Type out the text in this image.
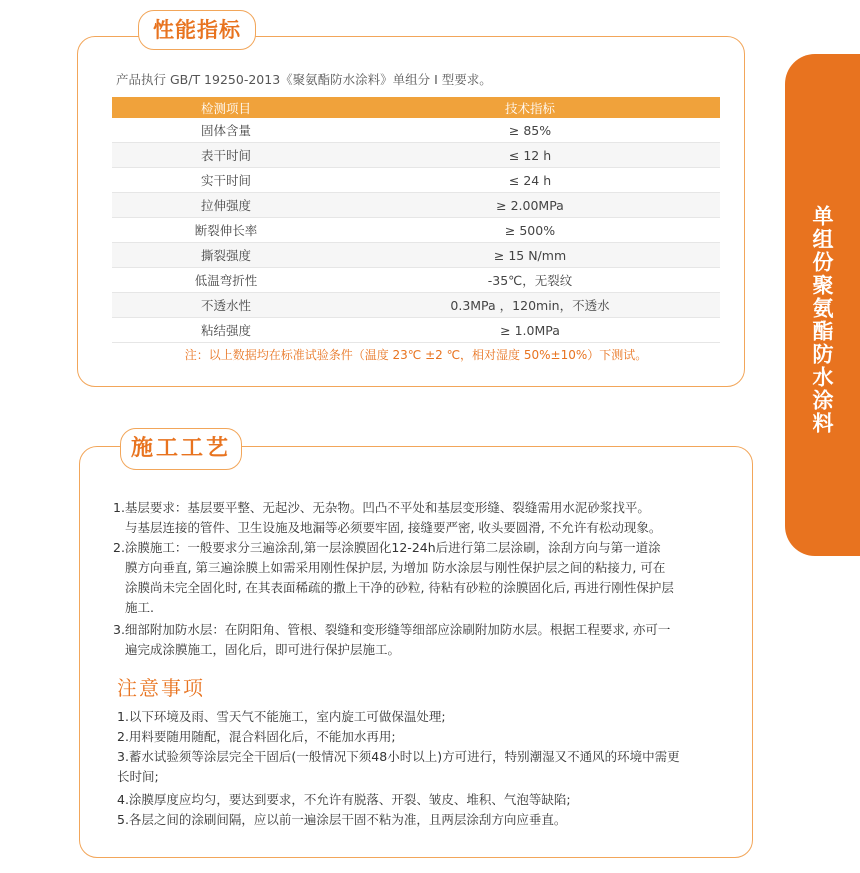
单组份聚氨酯防水涂料
性能指标
产品执行 GB/T 19250-2013《聚氨酯防水涂料》单组分 I 型要求。
检测项目	技术指标
固体含量	≥ 85%
表干时间	≤ 12 h
实干时间	≤ 24 h
拉伸强度	≥ 2.00MPa
断裂伸长率	≥ 500%
撕裂强度	≥ 15 N/mm
低温弯折性	-35℃，无裂纹
不透水性	0.3MPa ，120min，不透水
粘结强度	≥ 1.0MPa
注：以上数据均在标准试验条件（温度 23℃ ±2 ℃，相对湿度 50%±10%）下测试。
施工工艺
1.基层要求：基层要平整、无起沙、无杂物。凹凸不平处和基层变形缝、裂缝需用水泥砂浆找平。
与基层连接的管件、卫生设施及地漏等必须要牢固, 接缝要严密, 收头要圆滑, 不允许有松动现象。
2.涂膜施工：一般要求分三遍涂刮,第一层涂膜固化12-24h后进行第二层涂刷，涂刮方向与第一道涂
膜方向垂直, 第三遍涂膜上如需采用刚性保护层, 为增加 防水涂层与刚性保护层之间的粘接力, 可在
涂膜尚未完全固化时, 在其表面稀疏的撒上干净的砂粒, 待粘有砂粒的涂膜固化后, 再进行刚性保护层
施工.
3.细部附加防水层：在阴阳角、管根、裂缝和变形缝等细部应涂刷附加防水层。根据工程要求, 亦可一
遍完成涂膜施工，固化后，即可进行保护层施工。
注意事项
1.以下环境及雨、雪天气不能施工，室内旋工可做保温处理;
2.用料要随用随配，混合料固化后，不能加水再用;
3.蓄水试验须等涂层完全干固后(一般情况下须48小时以上)方可进行，特别潮湿又不通风的环境中需更
长时间;
4.涂膜厚度应均匀，要达到要求，不允许有脱落、开裂、皱皮、堆积、气泡等缺陷;
5.各层之间的涂刷间隔，应以前一遍涂层干固不粘为准，且两层涂刮方向应垂直。
